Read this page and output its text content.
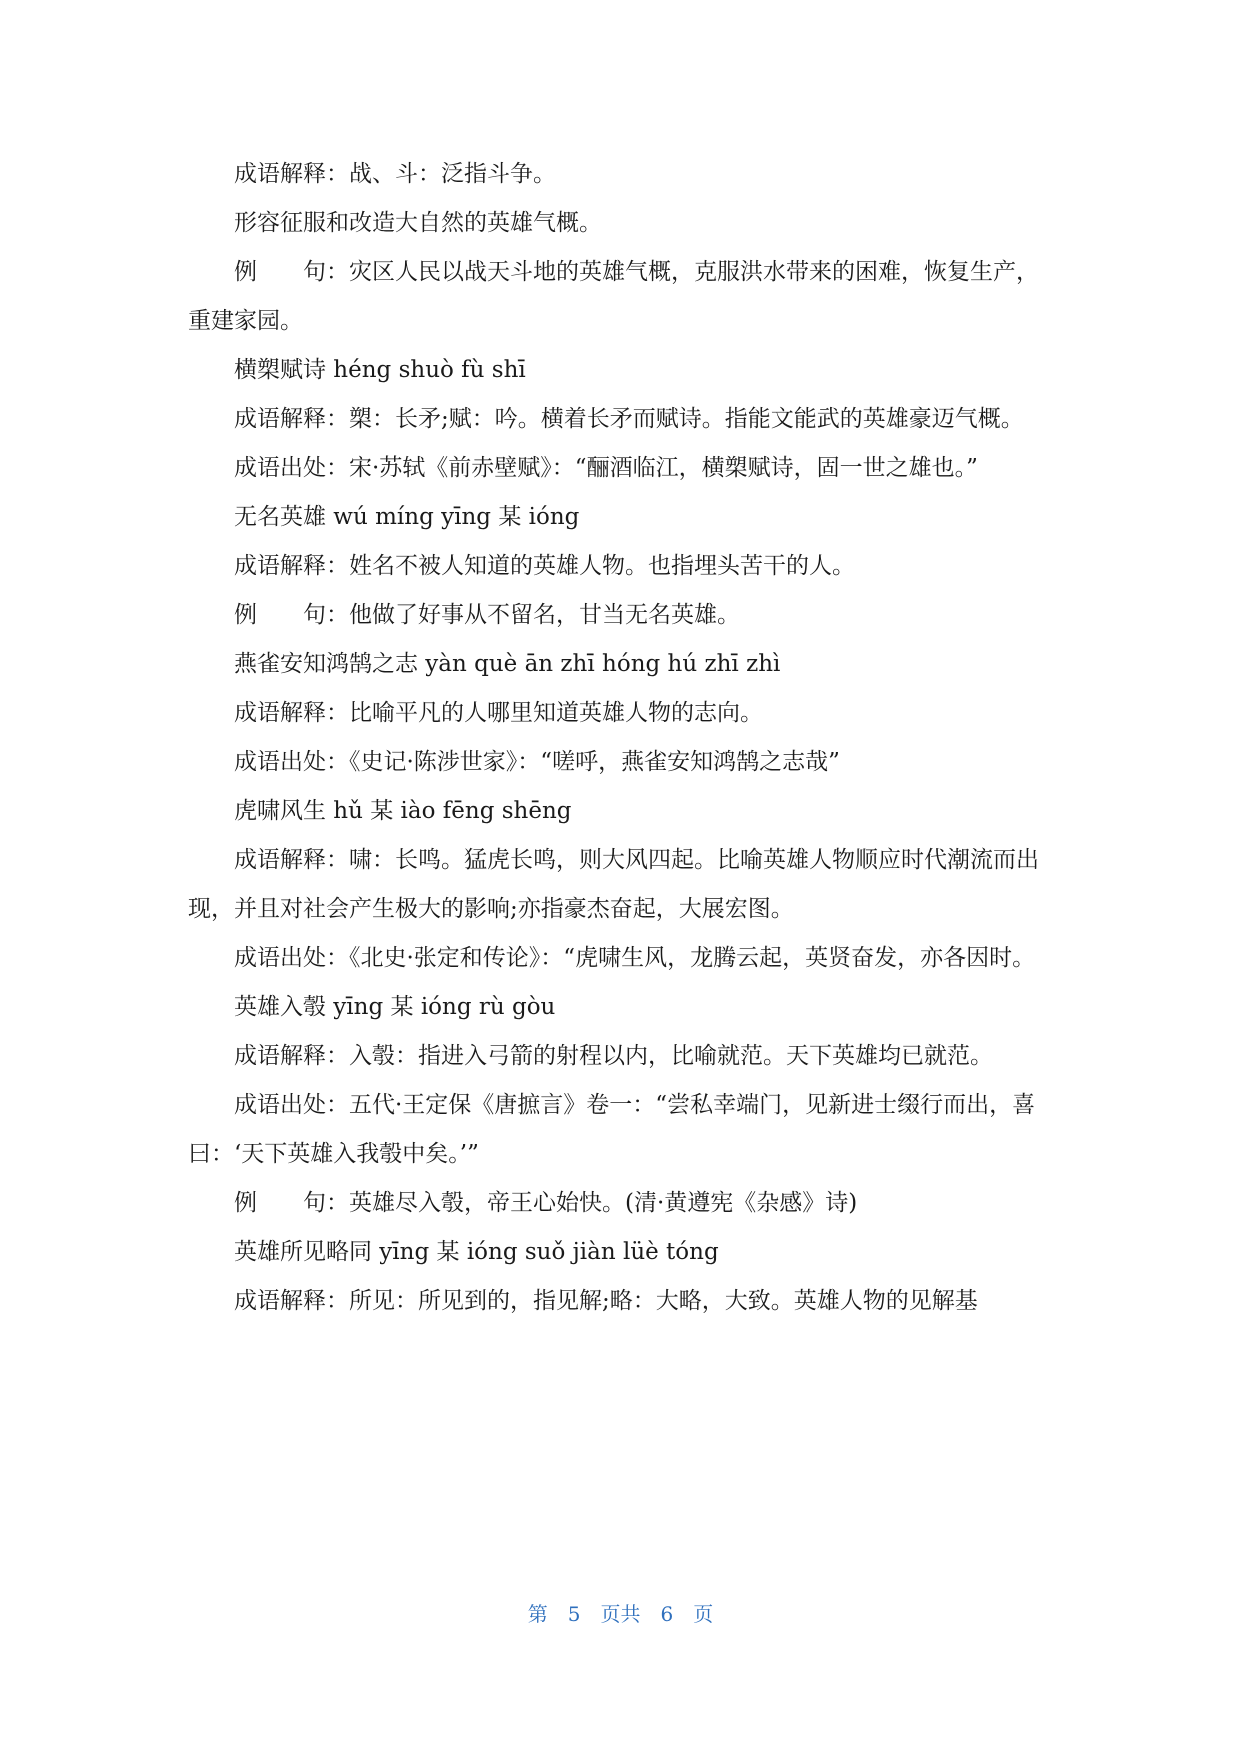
成语解释：战、斗：泛指斗争。

形容征服和改造大自然的英雄气概。

例　　句：灾区人民以战天斗地的英雄气概，克服洪水带来的困难，恢复生产，重建家园。

横槊赋诗 héng shuò fù shī

成语解释：槊：长矛;赋：吟。横着长矛而赋诗。指能文能武的英雄豪迈气概。

成语出处：宋·苏轼《前赤壁赋》：“酾酒临江，横槊赋诗，固一世之雄也。”

无名英雄 wú míng yīng 某 ióng

成语解释：姓名不被人知道的英雄人物。也指埋头苦干的人。

例　　句：他做了好事从不留名，甘当无名英雄。

燕雀安知鸿鹄之志 yàn què ān zhī hóng hú zhī zhì

成语解释：比喻平凡的人哪里知道英雄人物的志向。

成语出处：《史记·陈涉世家》：“嗟呼，燕雀安知鸿鹄之志哉”

虎啸风生 hǔ 某 iào fēng shēng

成语解释：啸：长鸣。猛虎长鸣，则大风四起。比喻英雄人物顺应时代潮流而出现，并且对社会产生极大的影响;亦指豪杰奋起，大展宏图。

成语出处：《北史·张定和传论》：“虎啸生风，龙腾云起，英贤奋发，亦各因时。

英雄入彀 yīng 某 ióng rù gòu

成语解释：入彀：指进入弓箭的射程以内，比喻就范。天下英雄均已就范。

成语出处：五代·王定保《唐摭言》卷一：“尝私幸端门，见新进士缀行而出，喜曰：‘天下英雄入我彀中矣。’”

例　　句：英雄尽入彀，帝王心始快。(清·黄遵宪《杂感》诗)

英雄所见略同 yīng 某 ióng suǒ jiàn lüè tóng

成语解释：所见：所见到的，指见解;略：大略，大致。英雄人物的见解基

第　5　页共　6　页
